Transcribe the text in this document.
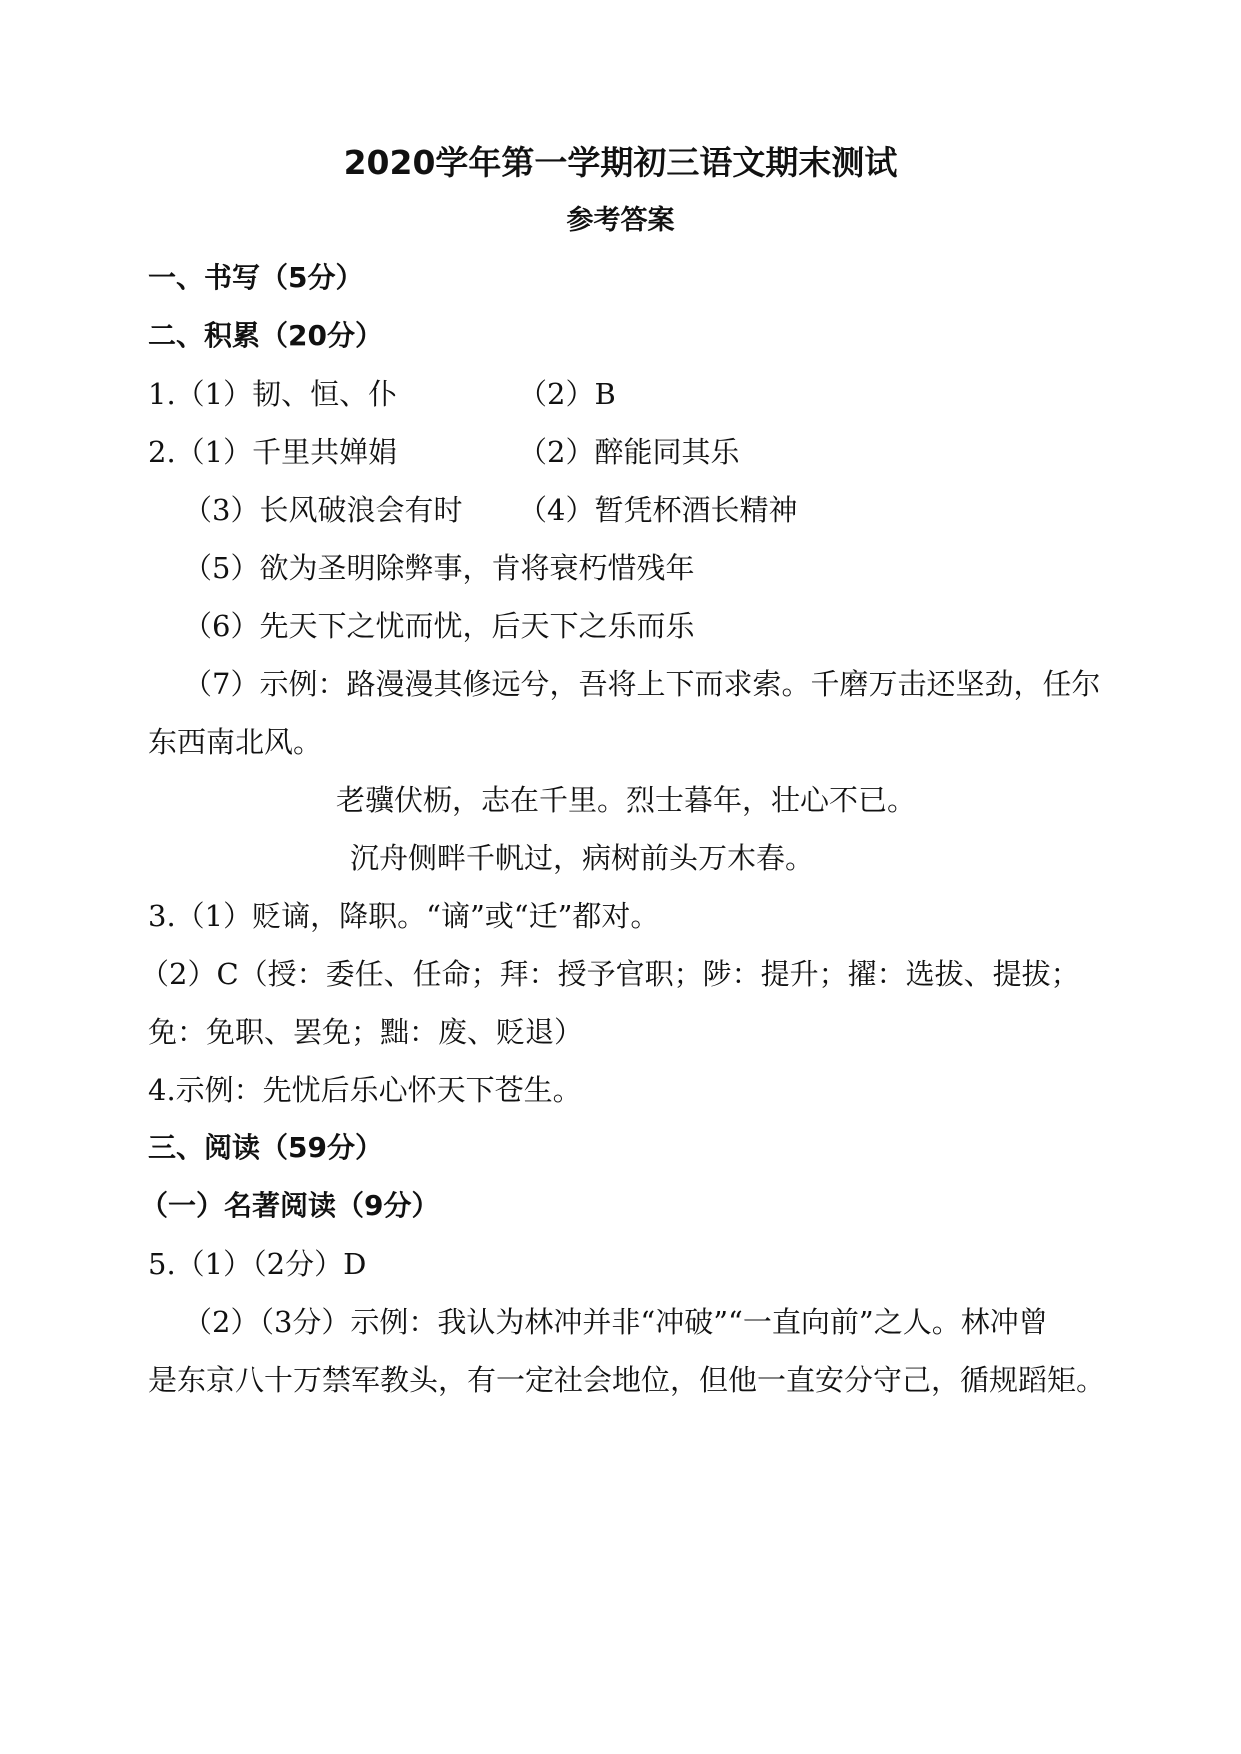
2020学年第一学期初三语文期末测试
参考答案
一、书写（5分）
二、积累（20分）
1.（1）韧、恒、仆	（2）B
2.（1）千里共婵娟	（2）醉能同其乐
（3）长风破浪会有时 （4）暂凭杯酒长精神
（5）欲为圣明除弊事，肯将衰朽惜残年
（6）先天下之忧而忧，后天下之乐而乐
（7）示例：路漫漫其修远兮，吾将上下而求索。千磨万击还坚劲，任尔
东西南北风。
老骥伏枥，志在千里。烈士暮年，壮心不已。
沉舟侧畔千帆过，病树前头万木春。
3.（1）贬谪，降职。“谪”或“迁”都对。
（2）C（授：委任、任命；拜：授予官职；陟：提升；擢：选拔、提拔；
免：免职、罢免；黜：废、贬退）
4.示例：先忧后乐心怀天下苍生。
三、阅读（59分）
（一）名著阅读（9分）
5.（1）（2分）D
（2）（3分）示例：我认为林冲并非“冲破”“一直向前”之人。林冲曾
是东京八十万禁军教头，有一定社会地位，但他一直安分守己，循规蹈矩。
